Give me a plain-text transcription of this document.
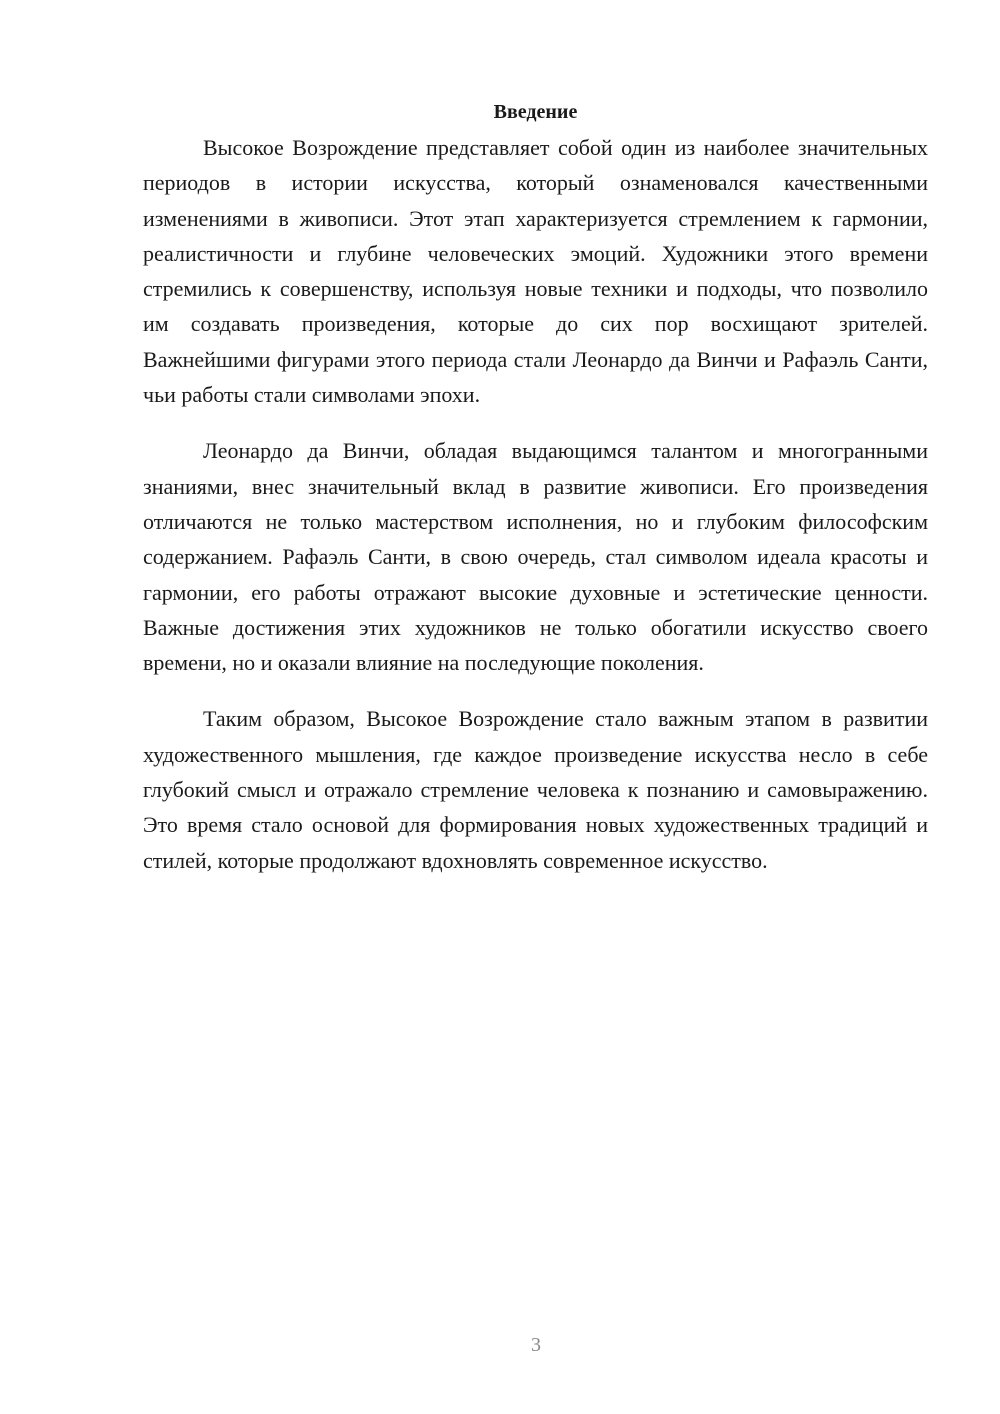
Введение

Высокое Возрождение представляет собой один из наиболее значительных периодов в истории искусства, который ознаменовался качественными изменениями в живописи. Этот этап характеризуется стремлением к гармонии, реалистичности и глубине человеческих эмоций. Художники этого времени стремились к совершенству, используя новые техники и подходы, что позволило им создавать произведения, которые до сих пор восхищают зрителей. Важнейшими фигурами этого периода стали Леонардо да Винчи и Рафаэль Санти, чьи работы стали символами эпохи.

Леонардо да Винчи, обладая выдающимся талантом и многогранными знаниями, внес значительный вклад в развитие живописи. Его произведения отличаются не только мастерством исполнения, но и глубоким философским содержанием. Рафаэль Санти, в свою очередь, стал символом идеала красоты и гармонии, его работы отражают высокие духовные и эстетические ценности. Важные достижения этих художников не только обогатили искусство своего времени, но и оказали влияние на последующие поколения.

Таким образом, Высокое Возрождение стало важным этапом в развитии художественного мышления, где каждое произведение искусства несло в себе глубокий смысл и отражало стремление человека к познанию и самовыражению. Это время стало основой для формирования новых художественных традиций и стилей, которые продолжают вдохновлять современное искусство.

3
